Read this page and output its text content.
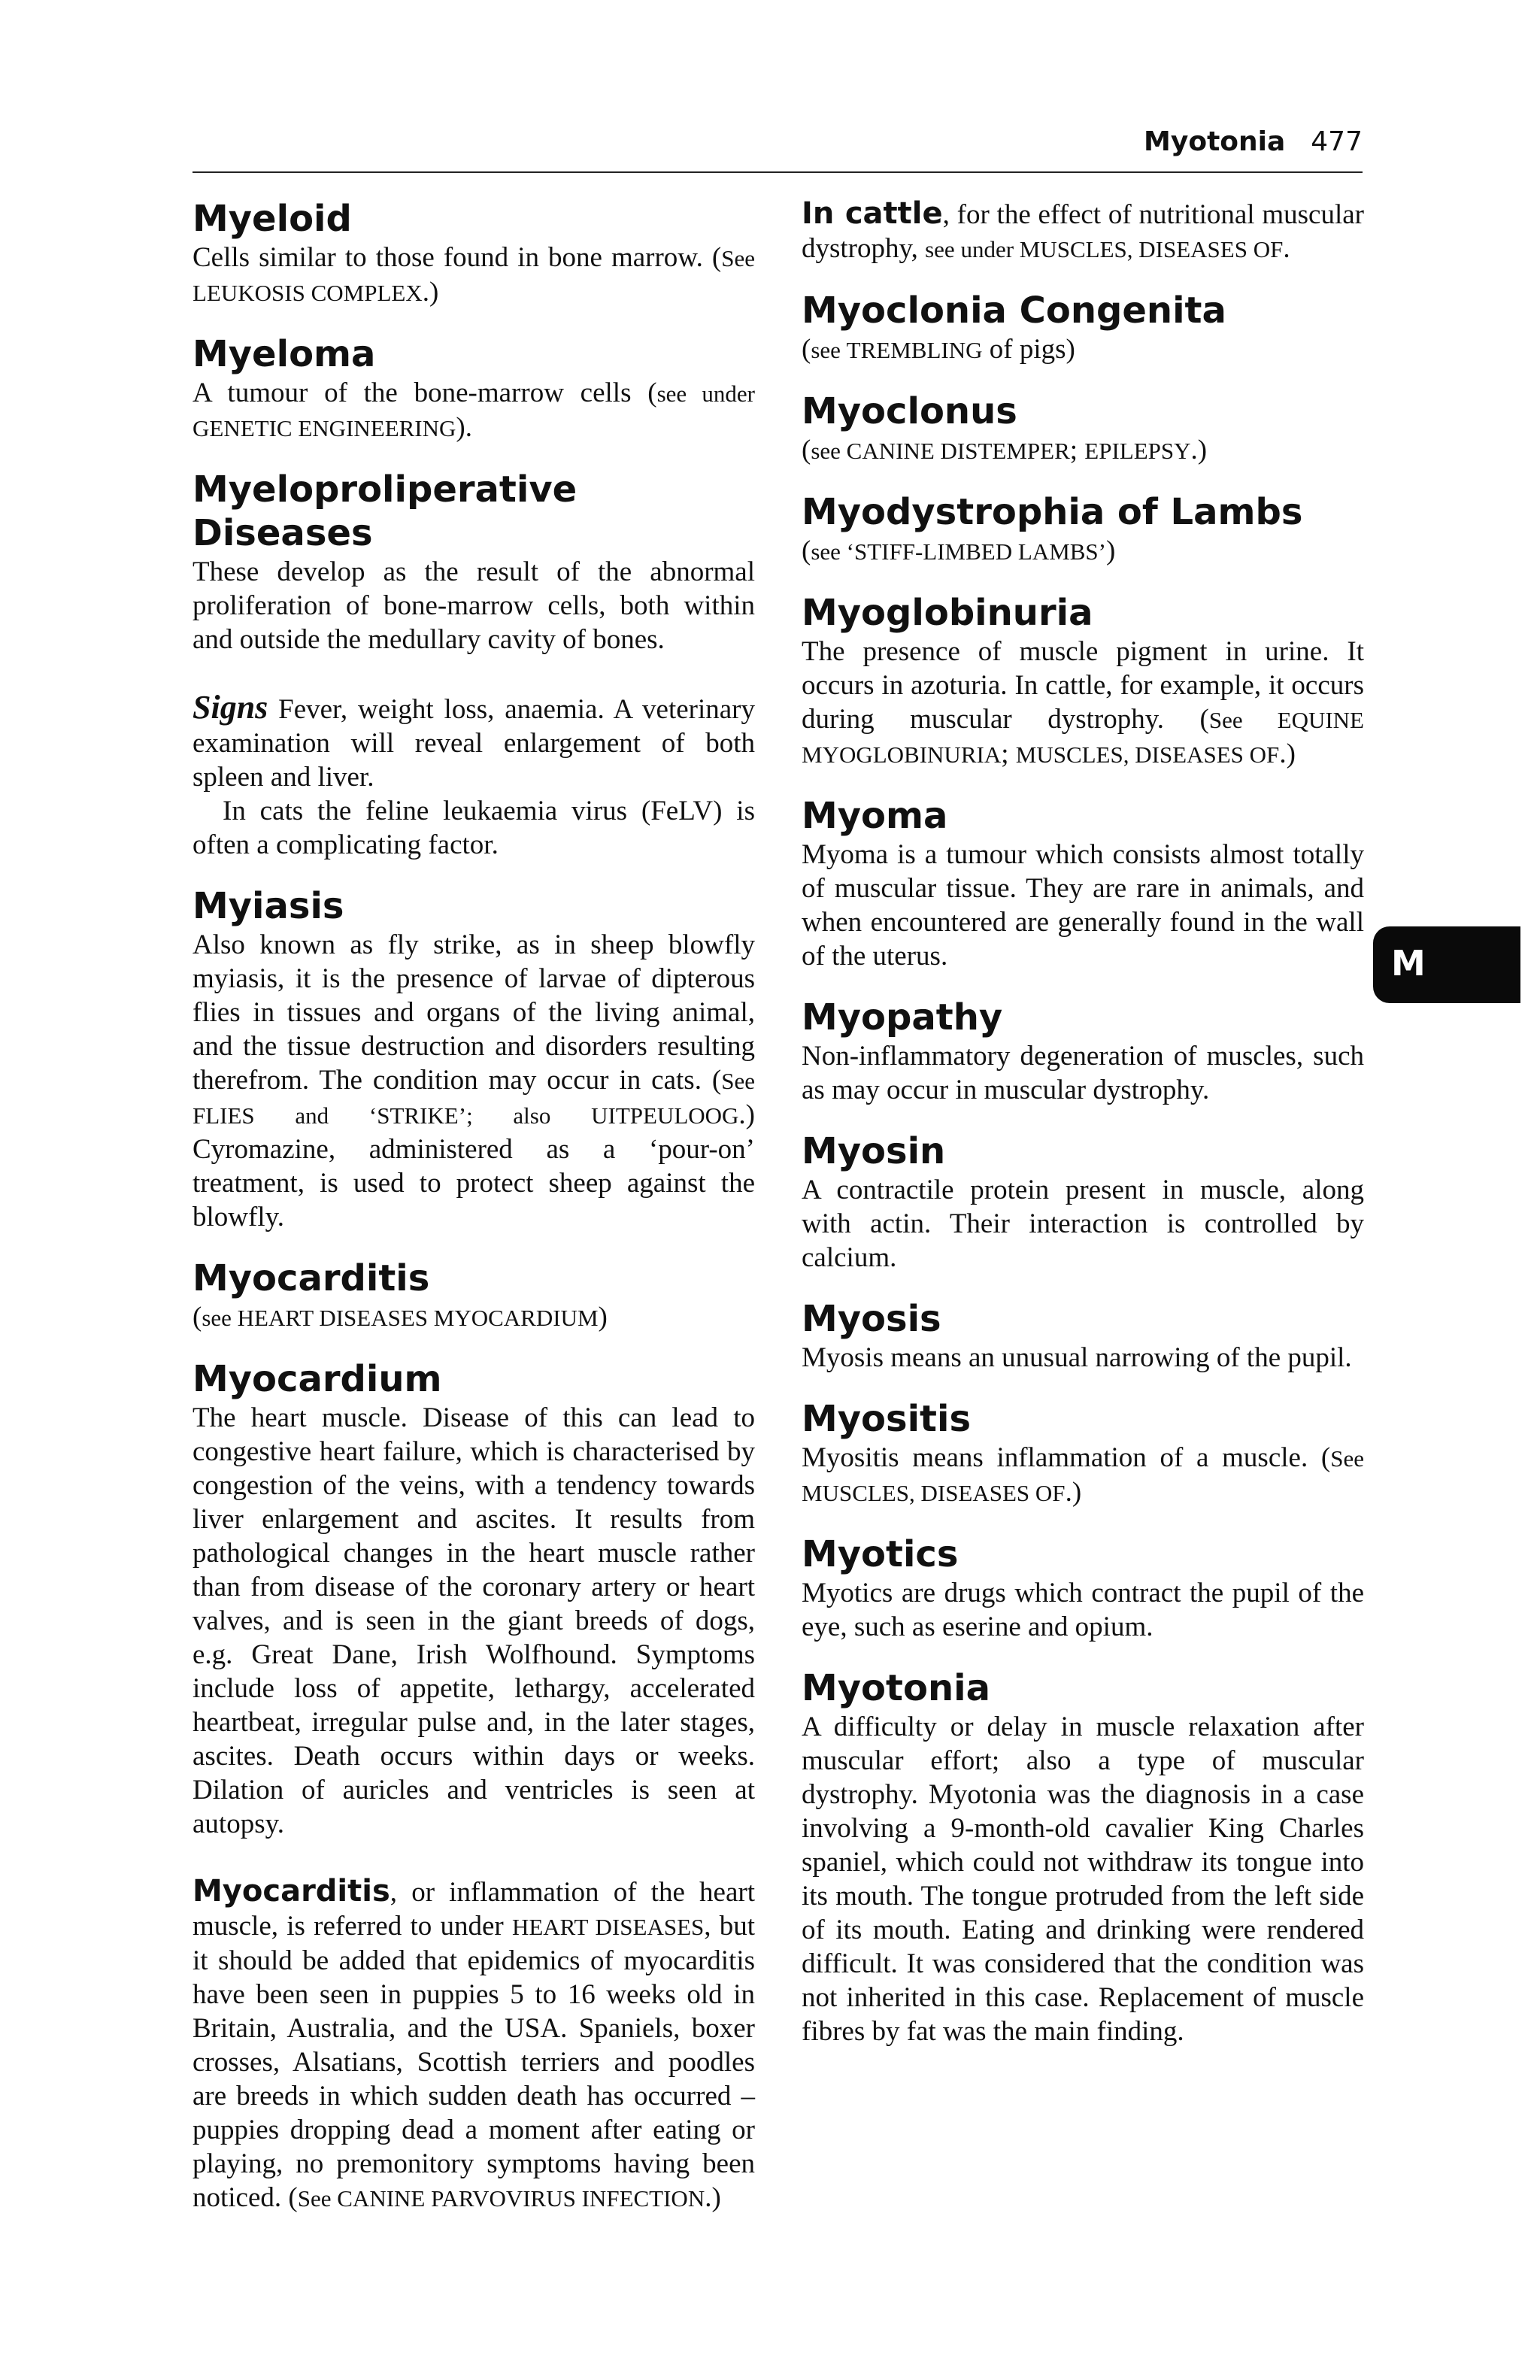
Myotonia 477
Myeloid

Cells similar to those found in bone marrow. (See LEUKOSIS COMPLEX.)

Myeloma

A tumour of the bone-marrow cells (see under GENETIC ENGINEERING).

Myeloproliperative Diseases

These develop as the result of the abnormal proliferation of bone-marrow cells, both within and outside the medullary cavity of bones.

Signs Fever, weight loss, anaemia. A veterinary examination will reveal enlargement of both spleen and liver.

In cats the feline leukaemia virus (FeLV) is often a complicating factor.

Myiasis

Also known as fly strike, as in sheep blowfly myiasis, it is the presence of larvae of dipterous flies in tissues and organs of the living animal, and the tissue destruction and disorders resulting therefrom. The condition may occur in cats. (See FLIES and ‘STRIKE’; also UITPEULOOG.) Cyromazine, administered as a ‘pour-on’ treatment, is used to protect sheep against the blowfly.

Myocarditis

(see HEART DISEASES MYOCARDIUM)

Myocardium

The heart muscle. Disease of this can lead to congestive heart failure, which is characterised by congestion of the veins, with a tendency towards liver enlargement and ascites. It results from pathological changes in the heart muscle rather than from disease of the coronary artery or heart valves, and is seen in the giant breeds of dogs, e.g. Great Dane, Irish Wolfhound. Symptoms include loss of appetite, lethargy, accelerated heartbeat, irregular pulse and, in the later stages, ascites. Death occurs within days or weeks. Dilation of auricles and ventricles is seen at autopsy.

Myocarditis, or inflammation of the heart muscle, is referred to under HEART DISEASES, but it should be added that epidemics of myocarditis have been seen in puppies 5 to 16 weeks old in Britain, Australia, and the USA. Spaniels, boxer crosses, Alsatians, Scottish terriers and poodles are breeds in which sudden death has occurred – puppies dropping dead a moment after eating or playing, no premonitory symptoms having been noticed. (See CANINE PARVOVIRUS INFECTION.)

In cattle, for the effect of nutritional muscular dystrophy, see under MUSCLES, DISEASES OF.

Myoclonia Congenita

(see TREMBLING of pigs)

Myoclonus

(see CANINE DISTEMPER; EPILEPSY.)

Myodystrophia of Lambs

(see ‘STIFF-LIMBED LAMBS’)

Myoglobinuria

The presence of muscle pigment in urine. It occurs in azoturia. In cattle, for example, it occurs during muscular dystrophy. (See EQUINE MYOGLOBINURIA; MUSCLES, DISEASES OF.)

Myoma

Myoma is a tumour which consists almost totally of muscular tissue. They are rare in animals, and when encountered are generally found in the wall of the uterus.

Myopathy

Non-inflammatory degeneration of muscles, such as may occur in muscular dystrophy.

Myosin

A contractile protein present in muscle, along with actin. Their interaction is controlled by calcium.

Myosis

Myosis means an unusual narrowing of the pupil.

Myositis

Myositis means inflammation of a muscle. (See MUSCLES, DISEASES OF.)

Myotics

Myotics are drugs which contract the pupil of the eye, such as eserine and opium.

Myotonia

A difficulty or delay in muscle relaxation after muscular effort; also a type of muscular dystrophy. Myotonia was the diagnosis in a case involving a 9-month-old cavalier King Charles spaniel, which could not withdraw its tongue into its mouth. The tongue protruded from the left side of its mouth. Eating and drinking were rendered difficult. It was considered that the condition was not inherited in this case. Replacement of muscle fibres by fat was the main finding.

M
